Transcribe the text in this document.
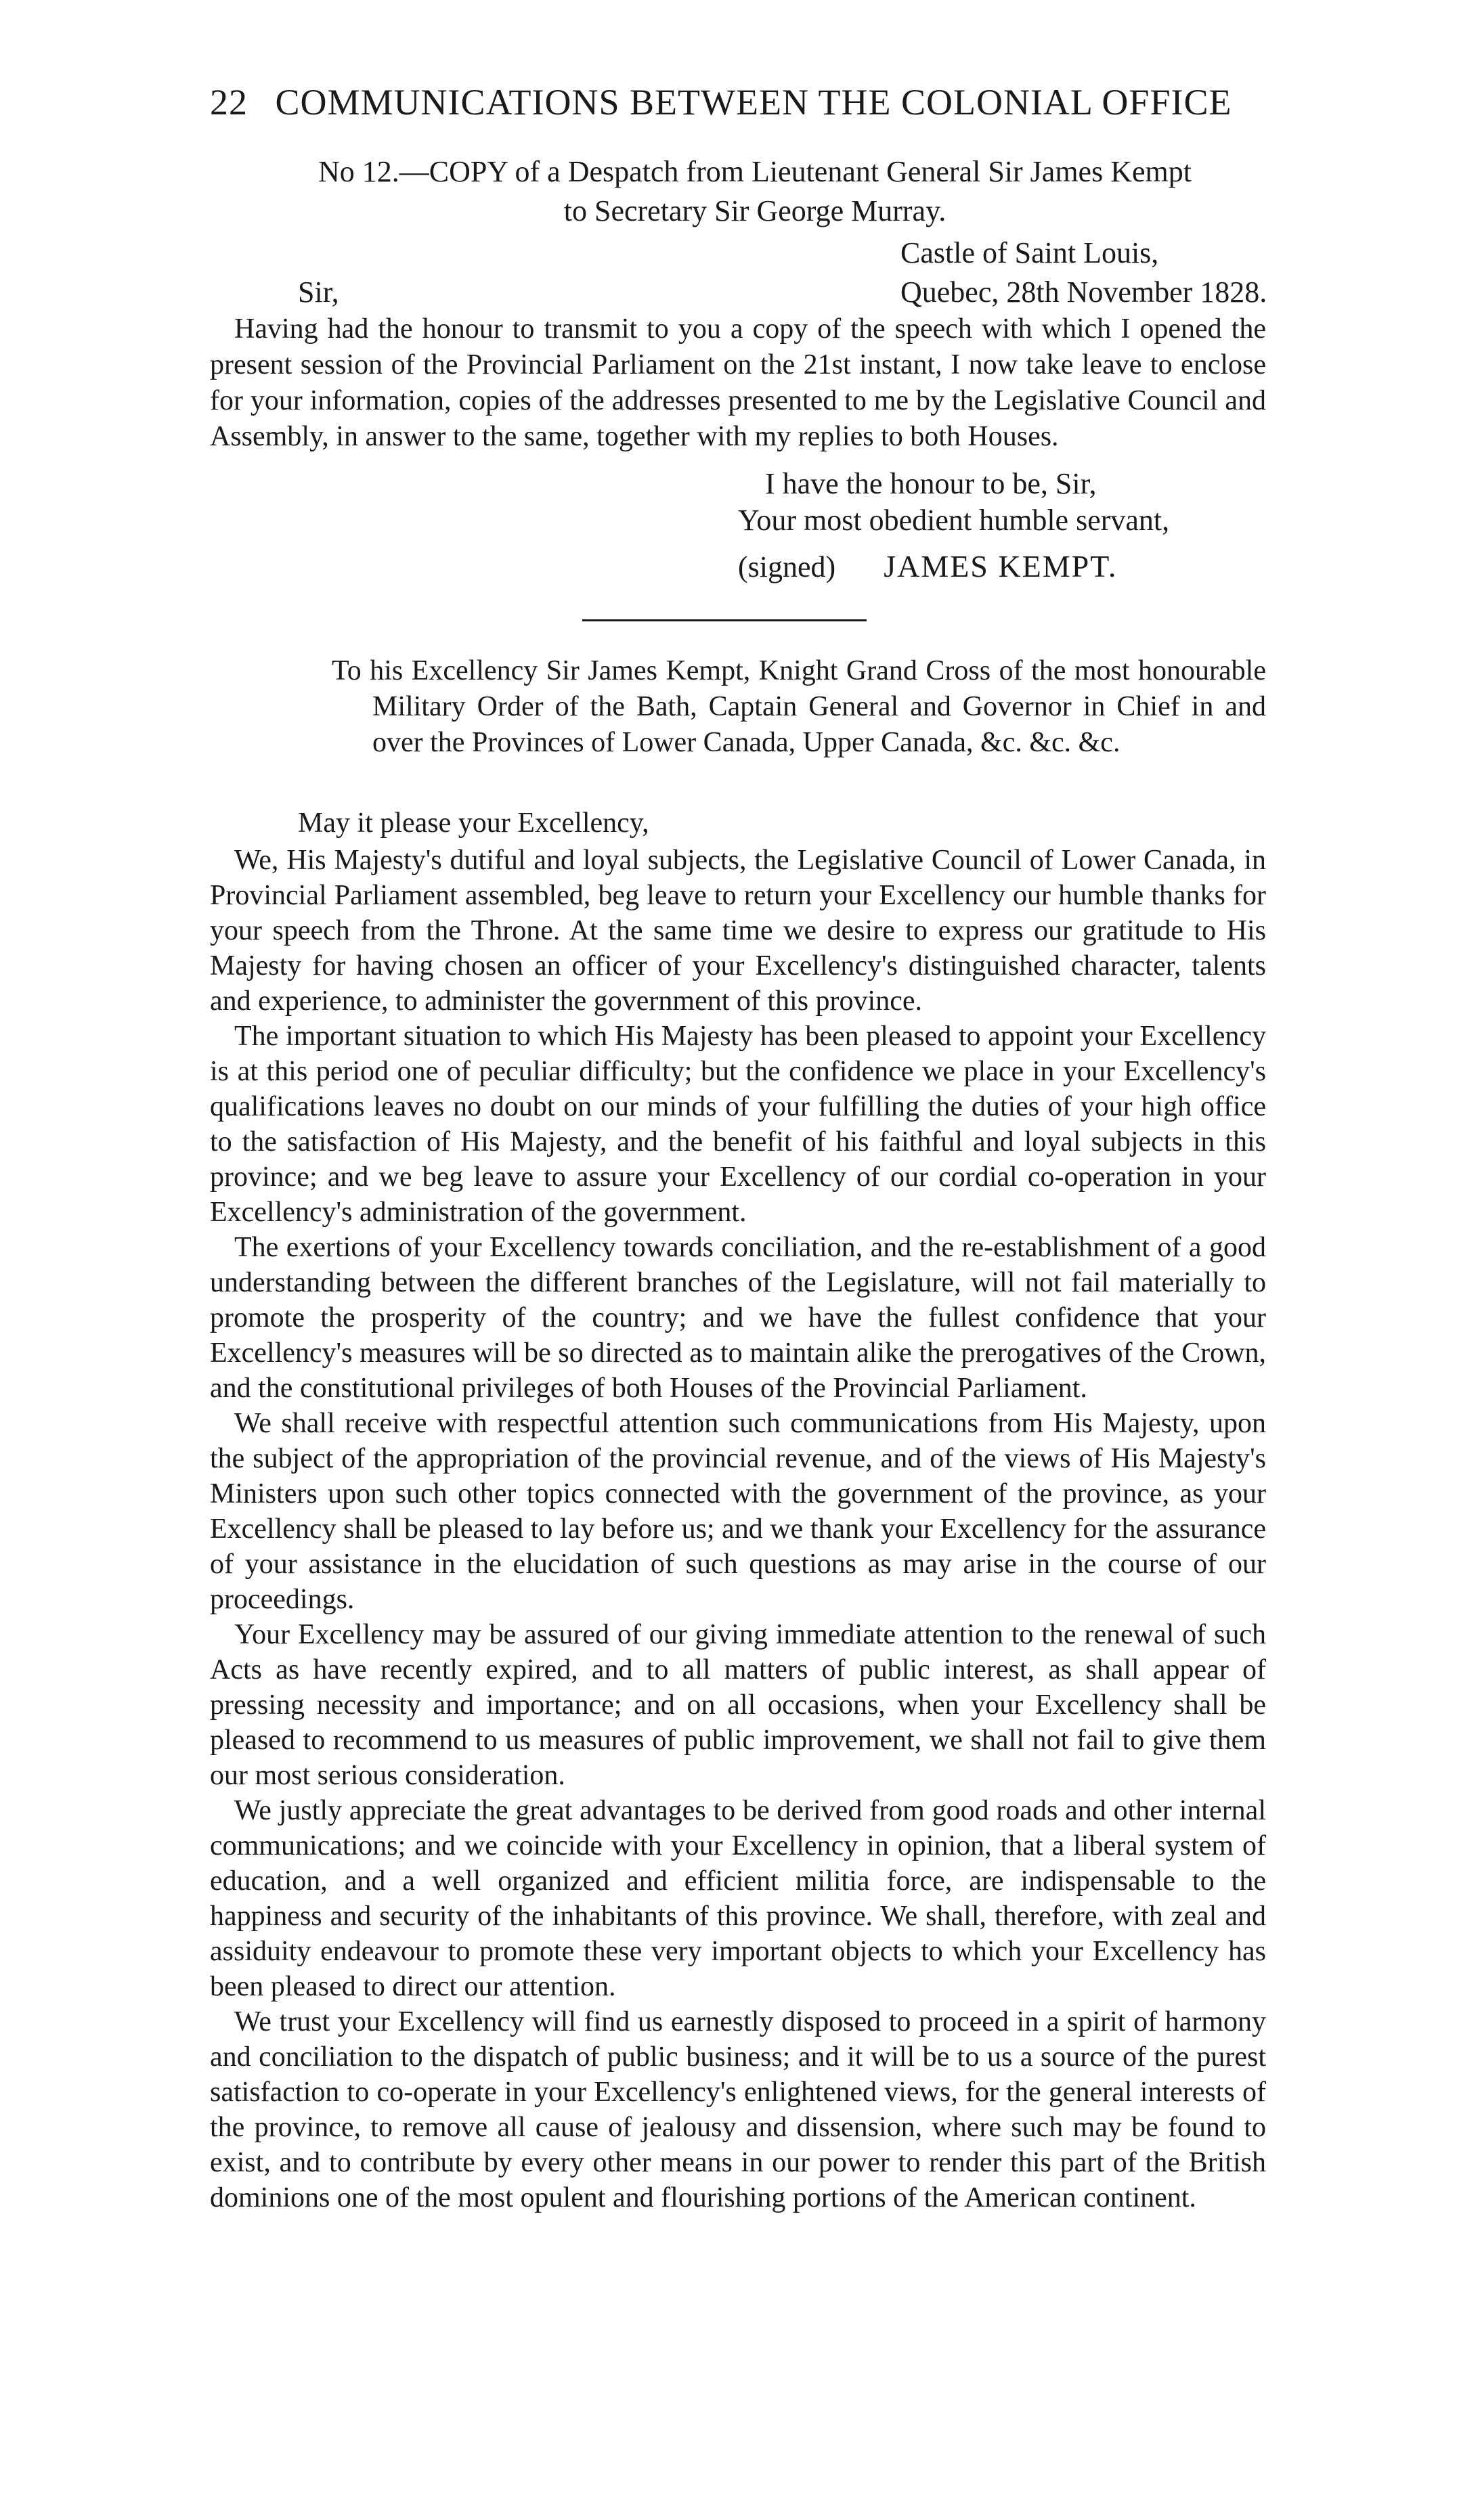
22 COMMUNICATIONS BETWEEN THE COLONIAL OFFICE
No 12.—COPY of a Despatch from Lieutenant General Sir James Kempt
to Secretary Sir George Murray.
Castle of Saint Louis,
Quebec, 28th November 1828.
Sir,
Having had the honour to transmit to you a copy of the speech with which I opened the present session of the Provincial Parliament on the 21st instant, I now take leave to enclose for your information, copies of the addresses presented to me by the Legislative Council and Assembly, in answer to the same, together with my replies to both Houses.
I have the honour to be, Sir,
Your most obedient humble servant,
(signed) JAMES KEMPT.
To his Excellency Sir James Kempt, Knight Grand Cross of the most honourable Military Order of the Bath, Captain General and Governor in Chief in and over the Provinces of Lower Canada, Upper Canada, &c. &c. &c.
May it please your Excellency,

We, His Majesty's dutiful and loyal subjects, the Legislative Council of Lower Canada, in Provincial Parliament assembled, beg leave to return your Excellency our humble thanks for your speech from the Throne. At the same time we desire to express our gratitude to His Majesty for having chosen an officer of your Excellency's distinguished character, talents and experience, to administer the government of this province.

The important situation to which His Majesty has been pleased to appoint your Excellency is at this period one of peculiar difficulty; but the confidence we place in your Excellency's qualifications leaves no doubt on our minds of your fulfilling the duties of your high office to the satisfaction of His Majesty, and the benefit of his faithful and loyal subjects in this province; and we beg leave to assure your Excellency of our cordial co-operation in your Excellency's administration of the government.

The exertions of your Excellency towards conciliation, and the re-establishment of a good understanding between the different branches of the Legislature, will not fail materially to promote the prosperity of the country; and we have the fullest confidence that your Excellency's measures will be so directed as to maintain alike the prerogatives of the Crown, and the constitutional privileges of both Houses of the Provincial Parliament.

We shall receive with respectful attention such communications from His Majesty, upon the subject of the appropriation of the provincial revenue, and of the views of His Majesty's Ministers upon such other topics connected with the government of the province, as your Excellency shall be pleased to lay before us; and we thank your Excellency for the assurance of your assistance in the elucidation of such questions as may arise in the course of our proceedings.

Your Excellency may be assured of our giving immediate attention to the renewal of such Acts as have recently expired, and to all matters of public interest, as shall appear of pressing necessity and importance; and on all occasions, when your Excellency shall be pleased to recommend to us measures of public improvement, we shall not fail to give them our most serious consideration.

We justly appreciate the great advantages to be derived from good roads and other internal communications; and we coincide with your Excellency in opinion, that a liberal system of education, and a well organized and efficient militia force, are indispensable to the happiness and security of the inhabitants of this province. We shall, therefore, with zeal and assiduity endeavour to promote these very important objects to which your Excellency has been pleased to direct our attention.

We trust your Excellency will find us earnestly disposed to proceed in a spirit of harmony and conciliation to the dispatch of public business; and it will be to us a source of the purest satisfaction to co-operate in your Excellency's enlightened views, for the general interests of the province, to remove all cause of jealousy and dissension, where such may be found to exist, and to contribute by every other means in our power to render this part of the British dominions one of the most opulent and flourishing portions of the American continent.
